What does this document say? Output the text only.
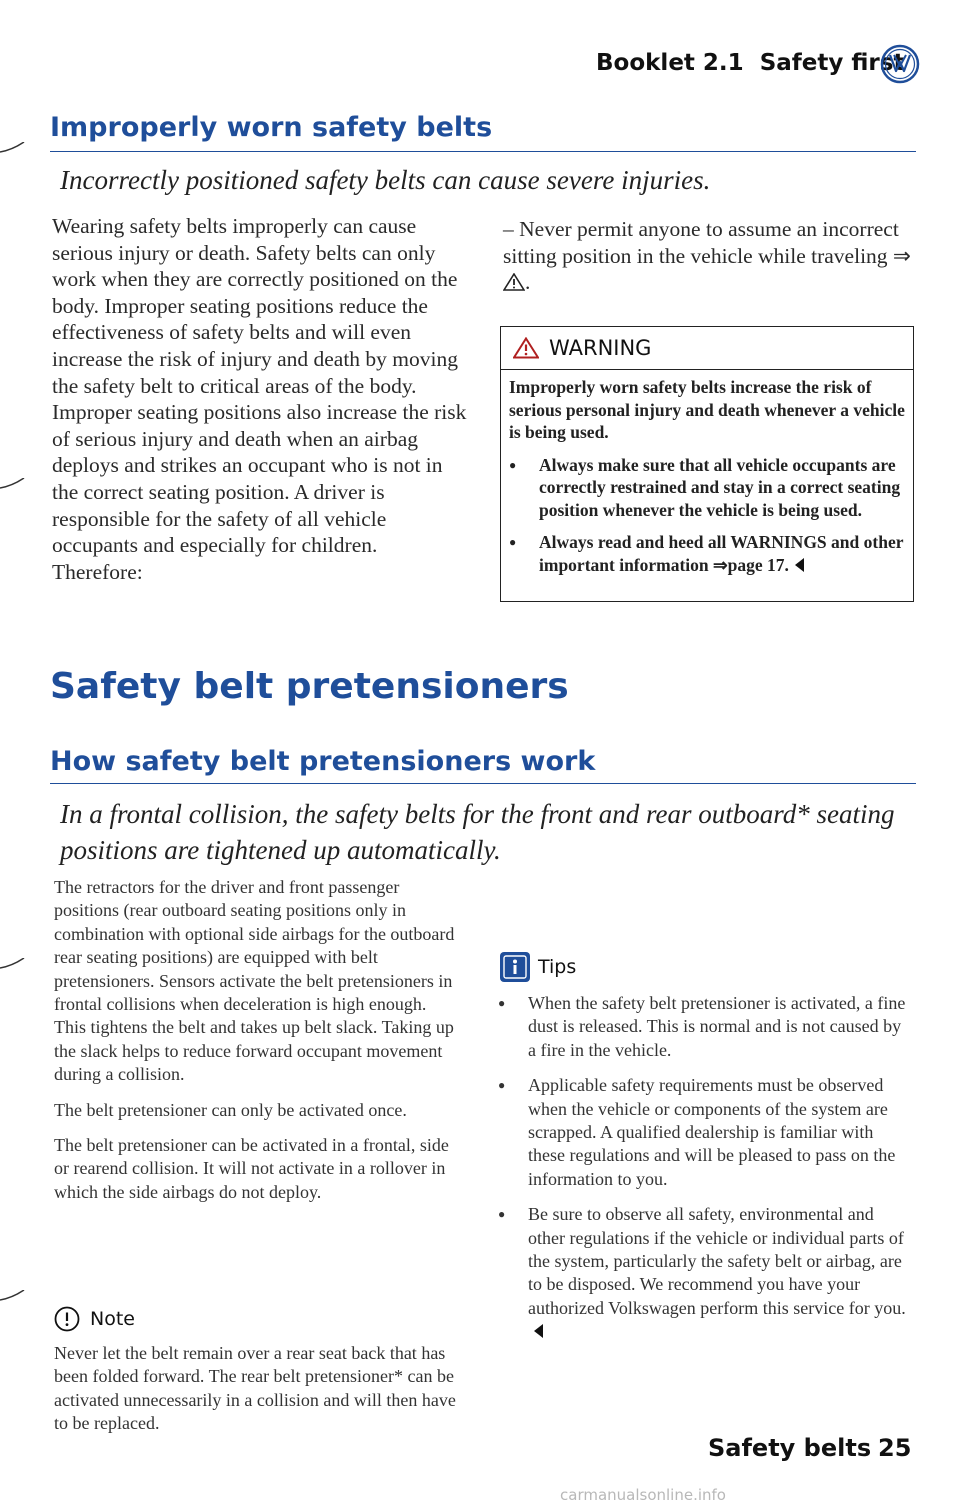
Booklet 2.1 Safety first
Improperly worn safety belts
Incorrectly positioned safety belts can cause severe injuries.
Wearing safety belts improperly can cause serious injury or death. Safety belts can only work when they are correctly positioned on the body. Improper seating positions reduce the effectiveness of safety belts and will even increase the risk of injury and death by moving the safety belt to critical areas of the body. Improper seating positions also increase the risk of serious injury and death when an airbag deploys and strikes an occupant who is not in the correct seating position. A driver is responsible for the safety of all vehicle occupants and especially for children. Therefore:
– Never permit anyone to assume an incorrect sitting position in the vehicle while traveling ⇒.
WARNING

Improperly worn safety belts increase the risk of serious personal injury and death whenever a vehicle is being used.

● Always make sure that all vehicle occupants are correctly restrained and stay in a correct seating position whenever the vehicle is being used.

● Always read and heed all WARNINGS and other important information ⇒page 17.

Safety belt pretensioners
How safety belt pretensioners work
In a frontal collision, the safety belts for the front and rear outboard* seating positions are tightened up automatically.

The retractors for the driver and front passenger positions (rear outboard seating positions only in combination with optional side airbags for the outboard rear seating positions) are equipped with belt pretensioners. Sensors activate the belt pretensioners in frontal collisions when deceleration is high enough. This tightens the belt and takes up belt slack. Taking up the slack helps to reduce forward occupant movement during a collision.

The belt pretensioner can only be activated once.

The belt pretensioner can be activated in a frontal, side or rearend collision. It will not activate in a rollover in which the side airbags do not deploy.

Note
Never let the belt remain over a rear seat back that has been folded forward. The rear belt pretensioner* can be activated unnecessarily in a collision and will then have to be replaced.
Tips

● When the safety belt pretensioner is activated, a fine dust is released. This is normal and is not caused by a fire in the vehicle.

● Applicable safety requirements must be observed when the vehicle or components of the system are scrapped. A qualified dealership is familiar with these regulations and will be pleased to pass on the information to you.

● Be sure to observe all safety, environmental and other regulations if the vehicle or individual parts of the system, particularly the safety belt or airbag, are to be disposed. We recommend you have your authorized Volkswagen perform this service for you.

Safety belts 25
carmanualsonline.info
